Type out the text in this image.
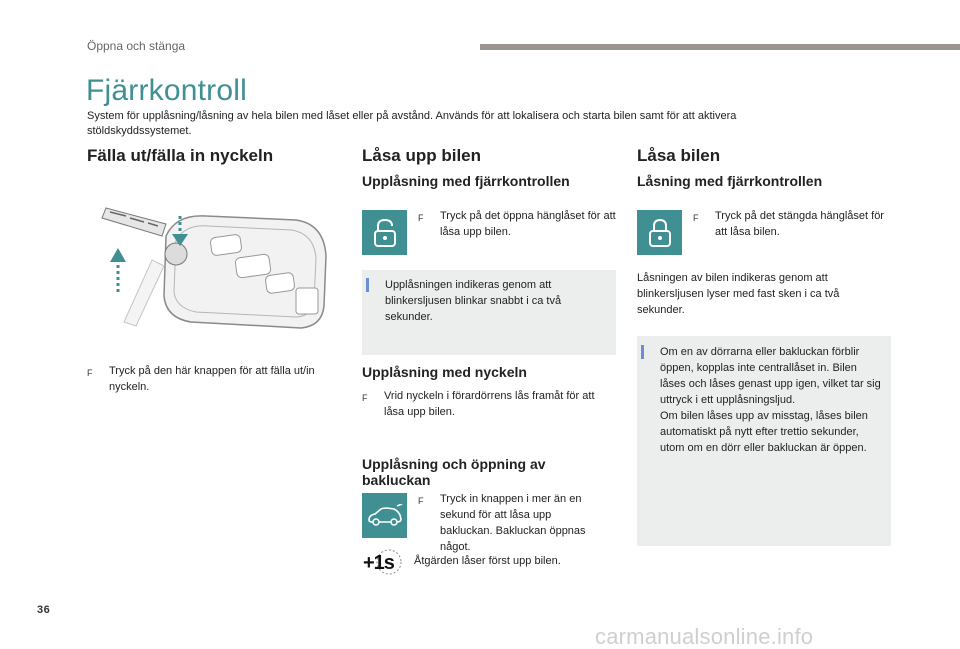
Öppna och stänga
Fjärrkontroll

System för upplåsning/låsning av hela bilen med låset eller på avstånd. Används för att lokalisera och starta bilen samt för att aktivera stöldskyddssystemet.

Fälla ut/fälla in nyckeln
F	Tryck på den här knappen för att fälla ut/in nyckeln.
Låsa upp bilen
Upplåsning med fjärrkontrollen
F	Tryck på det öppna hänglåset för att låsa upp bilen.
Upplåsningen indikeras genom att blinkersljusen blinkar snabbt i ca två sekunder.
Upplåsning med nyckeln
F	Vrid nyckeln i förardörrens lås framåt för att låsa upp bilen.
Upplåsning och öppning av bakluckan
F	Tryck in knappen i mer än en sekund för att låsa upp bakluckan. Bakluckan öppnas något.
+1s Åtgärden låser först upp bilen.
Låsa bilen
Låsning med fjärrkontrollen
F	Tryck på det stängda hänglåset för att låsa bilen.

Låsningen av bilen indikeras genom att blinkersljusen lyser med fast sken i ca två sekunder.

Om en av dörrarna eller bakluckan förblir öppen, kopplas inte centrallåset in. Bilen låses och låses genast upp igen, vilket tar sig uttryck i ett upplåsningsljud.

Om bilen låses upp av misstag, låses bilen automatiskt på nytt efter trettio sekunder, utom om en dörr eller bakluckan är öppen.

36
carmanualsonline.info
